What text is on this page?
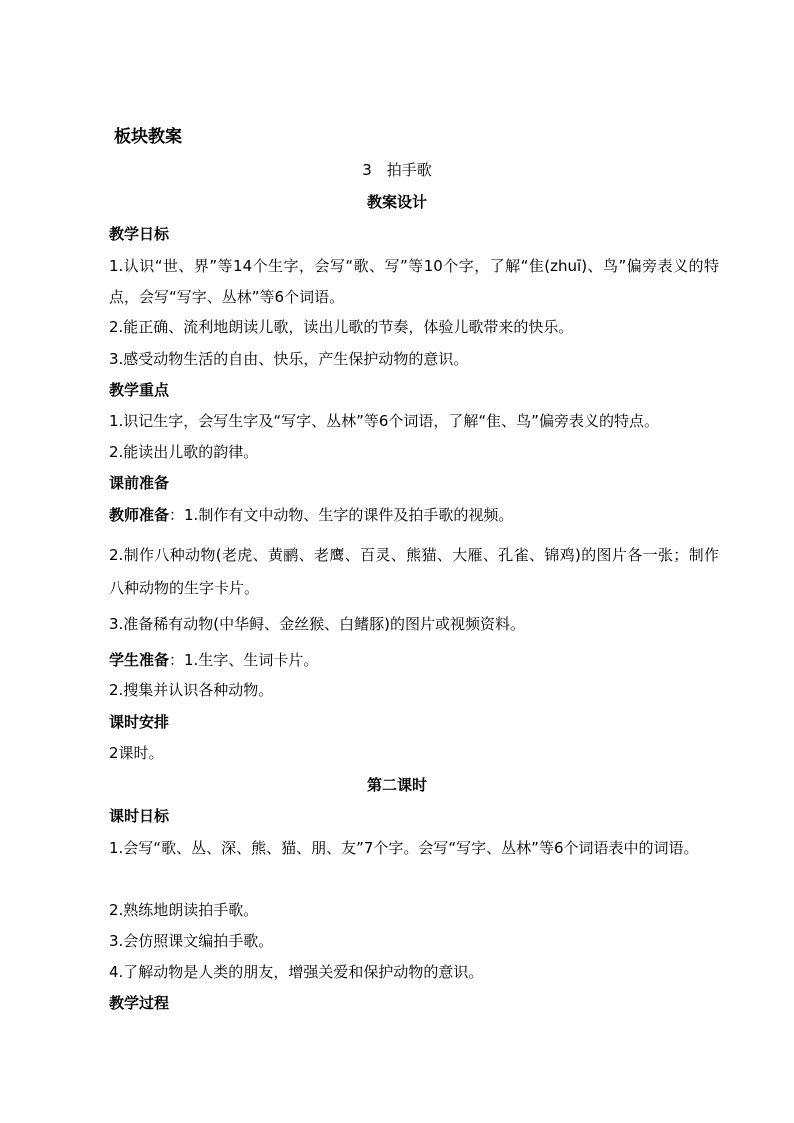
板块教案
3　拍手歌
教案设计
教学日标
1.认识“世、界”等14个生字，会写“歌、写”等10个字，了解“隹(zhuī)、鸟”偏旁表义的特点，会写“写字、丛林”等6个词语。
2.能正确、流利地朗读儿歌，读出儿歌的节奏，体验儿歌带来的快乐。
3.感受动物生活的自由、快乐，产生保护动物的意识。
教学重点
1.识记生字，会写生字及“写字、丛林”等6个词语，了解“隹、鸟”偏旁表义的特点。
2.能读出儿歌的韵律。
课前准备
教师准备：1.制作有文中动物、生字的课件及拍手歌的视频。
2.制作八种动物(老虎、黄鹂、老鹰、百灵、熊猫、大雁、孔雀、锦鸡)的图片各一张；制作八种动物的生字卡片。
3.准备稀有动物(中华鲟、金丝猴、白鳍豚)的图片或视频资料。
学生准备：1.生字、生词卡片。
2.搜集并认识各种动物。
课时安排
2课时。
第二课时
课时日标
1.会写“歌、丛、深、熊、猫、朋、友”7个字。会写“写字、丛林”等6个词语表中的词语。
2.熟练地朗读拍手歌。
3.会仿照课文编拍手歌。
4.了解动物是人类的朋友，增强关爱和保护动物的意识。
教学过程
